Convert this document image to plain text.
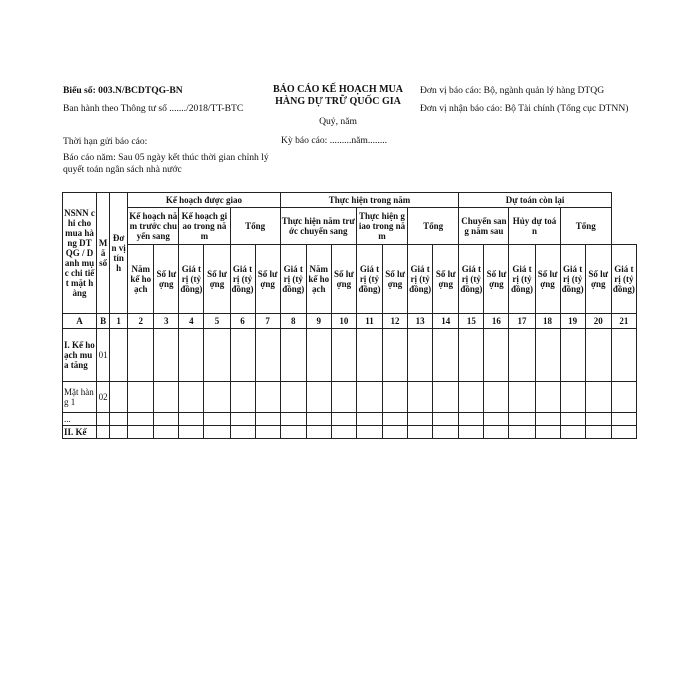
Biểu số: 003.N/BCDTQG-BN
Ban hành theo Thông tư số ......./2018/TT-BTC
Thời hạn gửi báo cáo:
Báo cáo năm: Sau 05 ngày kết thúc thời gian chỉnh lý quyết toán ngân sách nhà nước
BÁO CÁO KẾ HOẠCH MUA HÀNG DỰ TRỮ QUỐC GIA
Quý, năm
Kỳ báo cáo: .........năm........
Đơn vị báo cáo: Bộ, ngành quản lý hàng DTQG
Đơn vị nhận báo cáo: Bộ Tài chính (Tổng cục DTNN)
NSNN chi cho mua hàng DTQG / Danh mục chi tiết mặt hàng	Mã số	Đơn vị tính	Kế hoạch được giao						Thực hiện trong năm							Dự toán còn lại						
			Kế hoạch năm trước chuyển sang		Kế hoạch giao trong năm		Tổng		Thực hiện năm trước chuyển sang			Thực hiện giao trong năm		Tổng		Chuyển sang năm sau		Hủy dự toán		Tổng		
			Năm kế hoạch	Số lượng	Giá trị (tỷ đồng)	Số lượng	Giá trị (tỷ đồng)	Số lượng	Giá trị (tỷ đồng)	Năm kế hoạch	Số lượng	Giá trị (tỷ đồng)	Số lượng	Giá trị (tỷ đồng)	Số lượng	Giá trị (tỷ đồng)	Số lượng	Giá trị (tỷ đồng)	Số lượng	Giá trị (tỷ đồng)	Số lượng	Giá trị (tỷ đồng)
A	B	1	2	3	4	5	6	7	8	9	10	11	12	13	14	15	16	17	18	19	20	21
I. Kế hoạch mua tăng	01																					
Mặt hàng 1	02																					
...																						
II. Kế																						
